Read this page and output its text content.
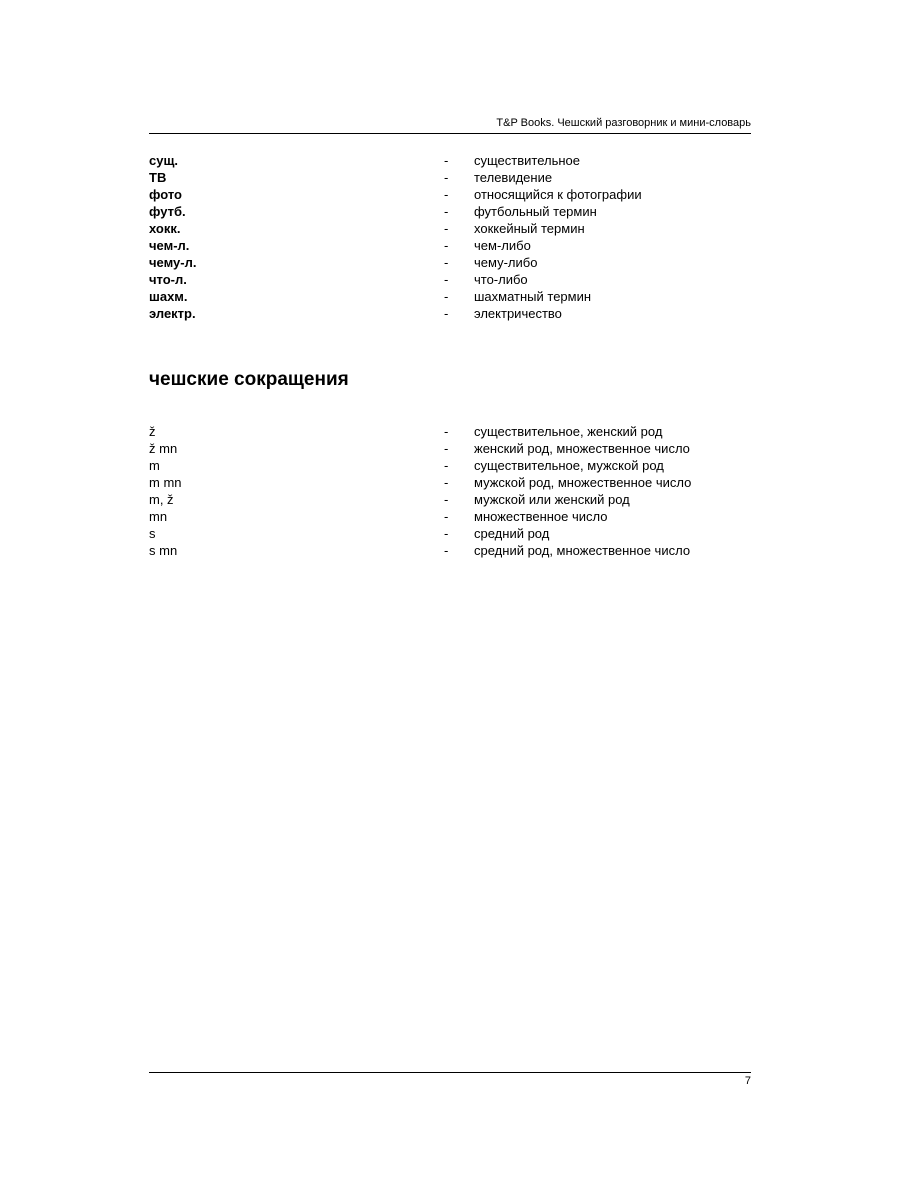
T&P Books. Чешский разговорник и мини-словарь
сущ.	- существительное
ТВ	- телевидение
фото	- относящийся к фотографии
футб.	- футбольный термин
хокк.	- хоккейный термин
чем-л.	- чем-либо
чему-л.	- чему-либо
что-л.	- что-либо
шахм.	- шахматный термин
электр.	- электричество
чешские сокращения
ž	- существительное, женский род
ž mn	- женский род, множественное число
m	- существительное, мужской род
m mn	- мужской род, множественное число
m, ž	- мужской или женский род
mn	- множественное число
s	- средний род
s mn	- средний род, множественное число
7
